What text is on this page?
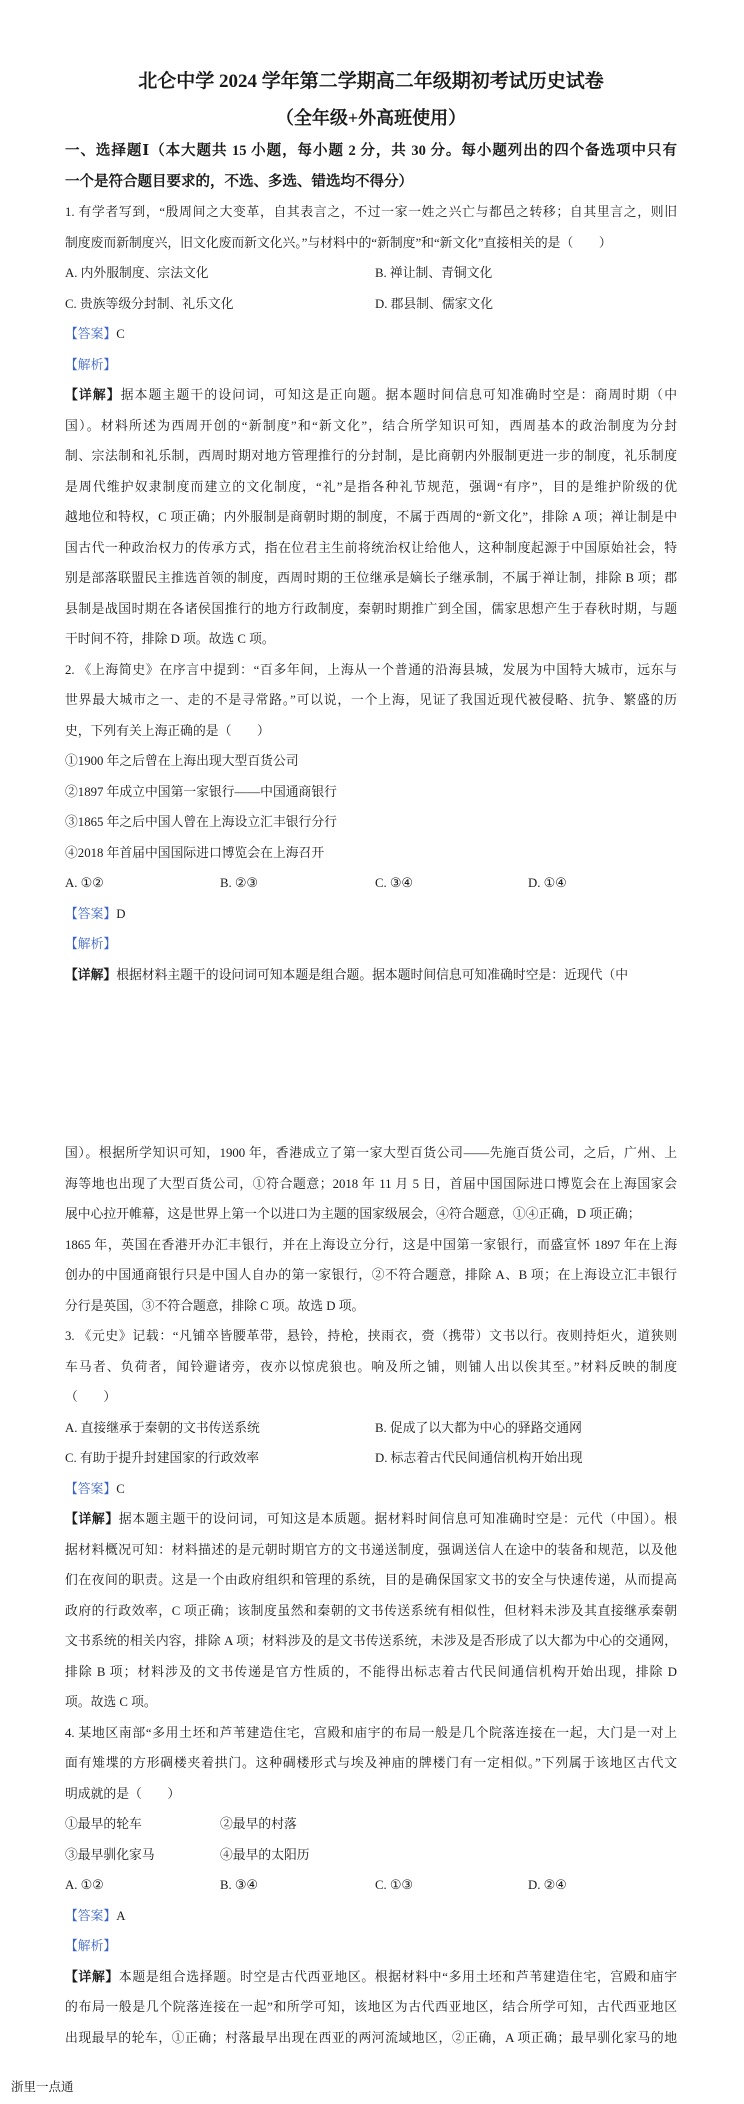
北仑中学 2024 学年第二学期高二年级期初考试历史试卷
（全年级+外高班使用）
一、选择题Ⅰ（本大题共 15 小题，每小题 2 分，共 30 分。每小题列出的四个备选项中只有
一个是符合题目要求的，不选、多选、错选均不得分）
1. 有学者写到，“殷周间之大变革，自其表言之，不过一家一姓之兴亡与都邑之转移；自其里言之，则旧
制度废而新制度兴，旧文化废而新文化兴。”与材料中的“新制度”和“新文化”直接相关的是（　　）
A. 内外服制度、宗法文化	B. 禅让制、青铜文化
C. 贵族等级分封制、礼乐文化	D. 郡县制、儒家文化
【答案】C
【解析】
【详解】据本题主题干的设问词，可知这是正向题。据本题时间信息可知准确时空是：商周时期（中
国）。材料所述为西周开创的“新制度”和“新文化”，结合所学知识可知，西周基本的政治制度为分封
制、宗法制和礼乐制，西周时期对地方管理推行的分封制，是比商朝内外服制更进一步的制度，礼乐制度
是周代维护奴隶制度而建立的文化制度，“礼”是指各种礼节规范，强调“有序”，目的是维护阶级的优
越地位和特权，C 项正确；内外服制是商朝时期的制度，不属于西周的“新文化”，排除 A 项；禅让制是中
国古代一种政治权力的传承方式，指在位君主生前将统治权让给他人，这种制度起源于中国原始社会，特
别是部落联盟民主推选首领的制度，西周时期的王位继承是嫡长子继承制，不属于禅让制，排除 B 项；郡
县制是战国时期在各诸侯国推行的地方行政制度，秦朝时期推广到全国，儒家思想产生于春秋时期，与题
干时间不符，排除 D 项。故选 C 项。
2. 《上海简史》在序言中提到：“百多年间，上海从一个普通的沿海县城，发展为中国特大城市，远东与
世界最大城市之一、走的不是寻常路。”可以说，一个上海，见证了我国近现代被侵略、抗争、繁盛的历
史，下列有关上海正确的是（　　）
①1900 年之后曾在上海出现大型百货公司
②1897 年成立中国第一家银行——中国通商银行
③1865 年之后中国人曾在上海设立汇丰银行分行
④2018 年首届中国国际进口博览会在上海召开
A. ①②	B. ②③	C. ③④	D. ①④
【答案】D
【解析】
【详解】根据材料主题干的设问词可知本题是组合题。据本题时间信息可知准确时空是：近现代（中
国）。根据所学知识可知，1900 年，香港成立了第一家大型百货公司——先施百货公司，之后，广州、上
海等地也出现了大型百货公司，①符合题意；2018 年 11 月 5 日，首届中国国际进口博览会在上海国家会
展中心拉开帷幕，这是世界上第一个以进口为主题的国家级展会，④符合题意，①④正确，D 项正确；
1865 年，英国在香港开办汇丰银行，并在上海设立分行，这是中国第一家银行，而盛宣怀 1897 年在上海
创办的中国通商银行只是中国人自办的第一家银行，②不符合题意，排除 A、B 项；在上海设立汇丰银行
分行是英国，③不符合题意，排除 C 项。故选 D 项。
3. 《元史》记载：“凡铺卒皆腰革带，悬铃，持枪，挟雨衣，赍（携带）文书以行。夜则持炬火，道狭则
车马者、负荷者，闻铃避诸旁，夜亦以惊虎狼也。响及所之铺，则铺人出以俟其至。”材料反映的制度
（　　）
A. 直接继承于秦朝的文书传送系统	B. 促成了以大都为中心的驿路交通网
C. 有助于提升封建国家的行政效率	D. 标志着古代民间通信机构开始出现
【答案】C
【详解】据本题主题干的设问词，可知这是本质题。据材料时间信息可知准确时空是：元代（中国）。根
据材料概况可知：材料描述的是元朝时期官方的文书递送制度，强调送信人在途中的装备和规范，以及他
们在夜间的职责。这是一个由政府组织和管理的系统，目的是确保国家文书的安全与快速传递，从而提高
政府的行政效率，C 项正确；该制度虽然和秦朝的文书传送系统有相似性，但材料未涉及其直接继承秦朝
文书系统的相关内容，排除 A 项；材料涉及的是文书传送系统，未涉及是否形成了以大都为中心的交通网，
排除 B 项；材料涉及的文书传递是官方性质的，不能得出标志着古代民间通信机构开始出现，排除 D
项。故选 C 项。
4. 某地区南部“多用土坯和芦苇建造住宅，宫殿和庙宇的布局一般是几个院落连接在一起，大门是一对上
面有雉堞的方形碉楼夹着拱门。这种碉楼形式与埃及神庙的牌楼门有一定相似。”下列属于该地区古代文
明成就的是（　　）
①最早的轮车	②最早的村落
③最早驯化家马	④最早的太阳历
A. ①②	B. ③④	C. ①③	D. ②④
【答案】A
【解析】
【详解】本题是组合选择题。时空是古代西亚地区。根据材料中“多用土坯和芦苇建造住宅，宫殿和庙宇
的布局一般是几个院落连接在一起”和所学可知，该地区为古代西亚地区，结合所学可知，古代西亚地区
出现最早的轮车，①正确；村落最早出现在西亚的两河流域地区，②正确，A 项正确；最早驯化家马的地
浙里一点通
